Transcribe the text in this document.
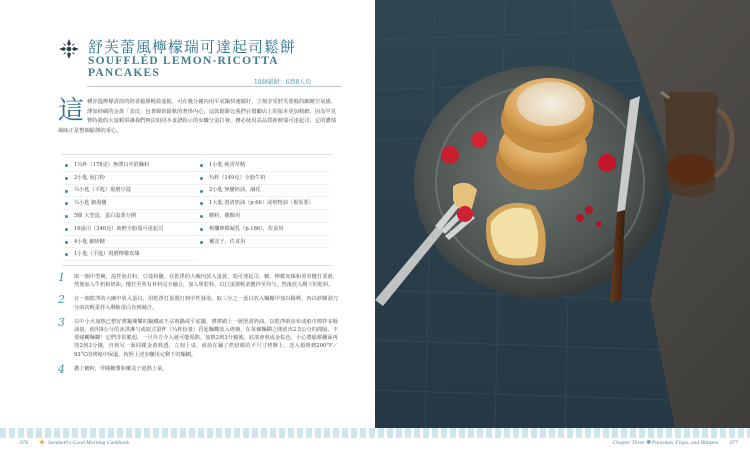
舒芙蕾風檸檬瑞可達起司鬆餅
SOUFFLÉD LEMON-RICOTTA
PANCAKES
18個鬆餅：6到8人份
這 種淬溫檸檬清淡的奶香鬆餅輕盈蓬鬆，可在幾分鐘內用平底鍋快速做好，立刻享受舒芙蕾般的細緻空氣感，薄如紗綢的金黃「表皮」包著綿密鬆軟的奢侈內心，這款鬆餅比我們在餐廳店上的版本更加精緻，因為罕見贊特殺的大量順軍讓我們無法如同本食譜指示的步驟分蛋打發，務必使用高品質新鮮瑞可達起司，它的濃郁風味正是整個鬆餅的重心。
1¼杯（178克）無漂白中筋麵粉
2小匙 泡打粉
¼小匙（平匙）現磨豆蔻
¼小匙 細海鹽
5顆 大型蛋，蛋白蛋黃分開
16盎司（340克）新鮮全脂瑞可達起司
4小匙 細砂糖
1小匙（平匙）現磨檸檬皮絲
1小匙 純香草精
¾杯（149克）全脂牛奶
2小匙 無鹽奶油，融化
1大匙 澄清奶油（p.66）或植物油（視需要）
糖粉，撒飾用
枸爛檸檬凝乳（p.186），佐食用
覆盆子，佐食用
1 取一個中型碗，混拌泡打粉、豆蔻和鹽。在乾淨的大碗內放入蛋黃、瑞可達起司、糖、檸檬皮絲和香草攪打柔滑，然後加入牛奶和奶油。攪打至所有材料完全融合，加入單乾料，以打蛋器輕柔攪拌至均勻，然後放入剩下的乾料。
2 在一個乾淨的大碗中放入蛋白，用乾淨打蛋器打到中性發泡。取三分之一蛋白放入麵糊中加以稀釋，再以矽膠刮刀分兩次輕柔拌入剩餘蛋白直到融合。
3 以中小火加熱已整好薄鍋塊樂的鍋鐵或不沾煎鍋或平底鍋，薄薄刷上一層澄清奶油，以乾淨廚房布或紙巾擦拌多餘油量。使用8公分的冰淇淋勺或取式量杯（¼杯份量）舀起麵糊放入烤盤，在每個麵糊之間留出2.5公分的間隔，不要碰觸麵糊！它們非常脆弱，一旦外方介入就可能塌陷。加熱2到3分鐘後，底部會煎成金棕色，小心將鬆餅翻面再煎2到3分鐘，直到另一面同樣金黃熟透，立刻上桌，或放在鋪了烘焙紙的平尺寸烤盤上，送入預熱到200°F／93°C的烤箱中保溫，按照上述步驟用完剩下的麵糊。
4 撒上糖粉，伴隨糖漿和覆盆子趁熱上桌。
076	Sarabeth's Good Morning Cookbook	Chapter Three ✽ Pancakes, Flaps, and Blintzes 077
